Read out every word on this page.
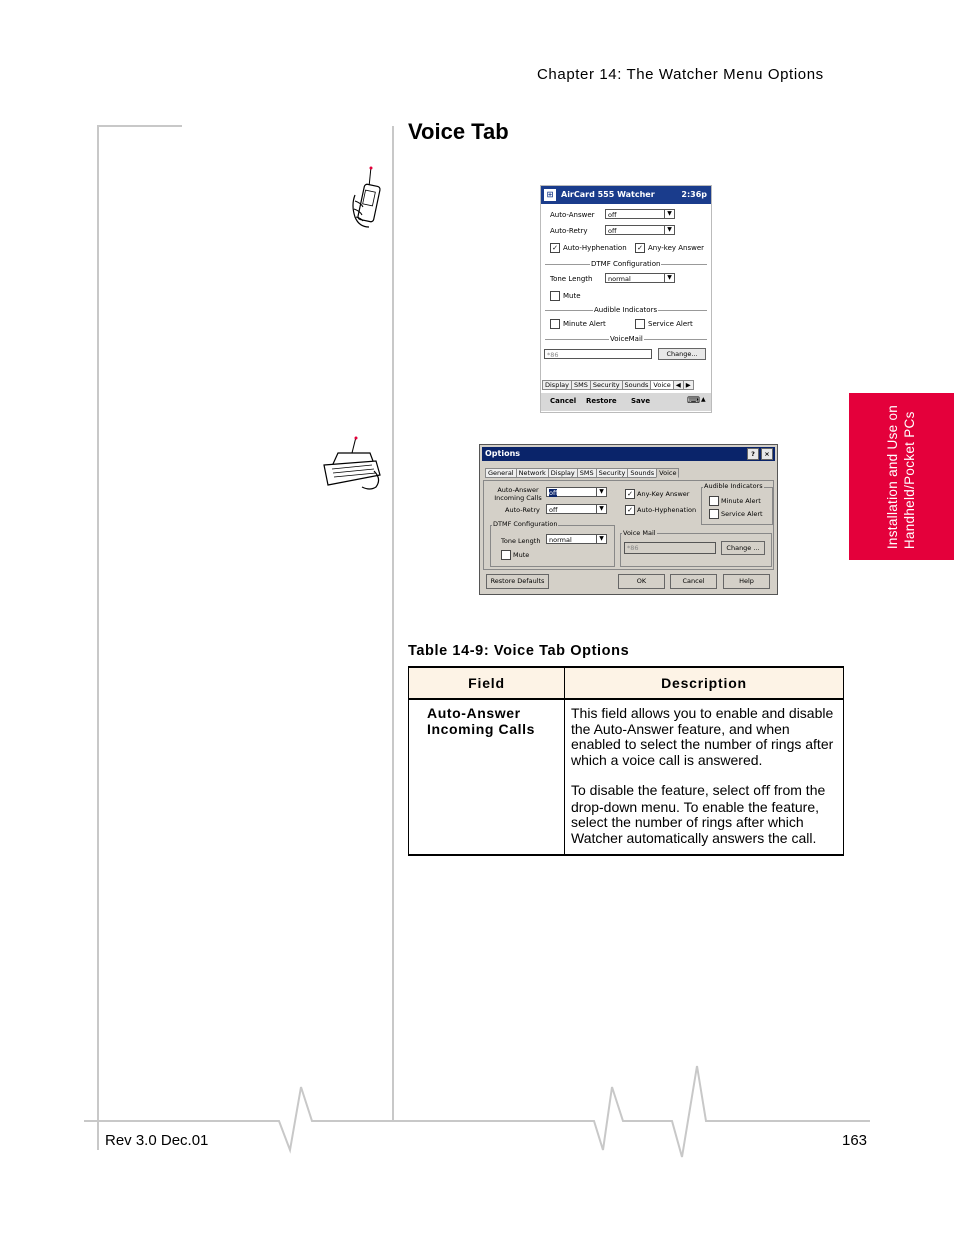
Chapter 14: The Watcher Menu Options
Voice Tab
⊞ AirCard 555 Watcher	2:36p
Auto-Answer	off	▼
Auto-Retry	off	▼
✓ Auto-Hyphenation ✓ Any-key Answer
DTMF Configuration
Tone Length	normal	▼
Mute
Audible Indicators
Minute Alert	Service Alert
VoiceMail
*86	Change...
Display SMS Security Sounds Voice ◀ ▶
Cancel Restore Save	⌨ ▲
Options	?	×
General Network Display SMS Security Sounds Voice
Auto-Answer Incoming Calls
off	▼
Auto-Retry	off	▼
✓ Any-Key Answer
✓ Auto-Hyphenation
Audible Indicators
Minute Alert
Service Alert
DTMF Configuration
Tone Length	normal	▼
Mute
Voice Mail
*86	Change ...
Restore Defaults	OK	Cancel	Help
Installation and Use on Handheld/Pocket PCs
Table 14-9: Voice Tab Options
Field	Description

Auto-Answer Incoming Calls	This field allows you to enable and disable the Auto-Answer feature, and when enabled to select the number of rings after which a voice call is answered.
To disable the feature, select off from the drop-down menu. To enable the feature, select the number of rings after which Watcher automatically answers the call.
Rev 3.0 Dec.01	163
